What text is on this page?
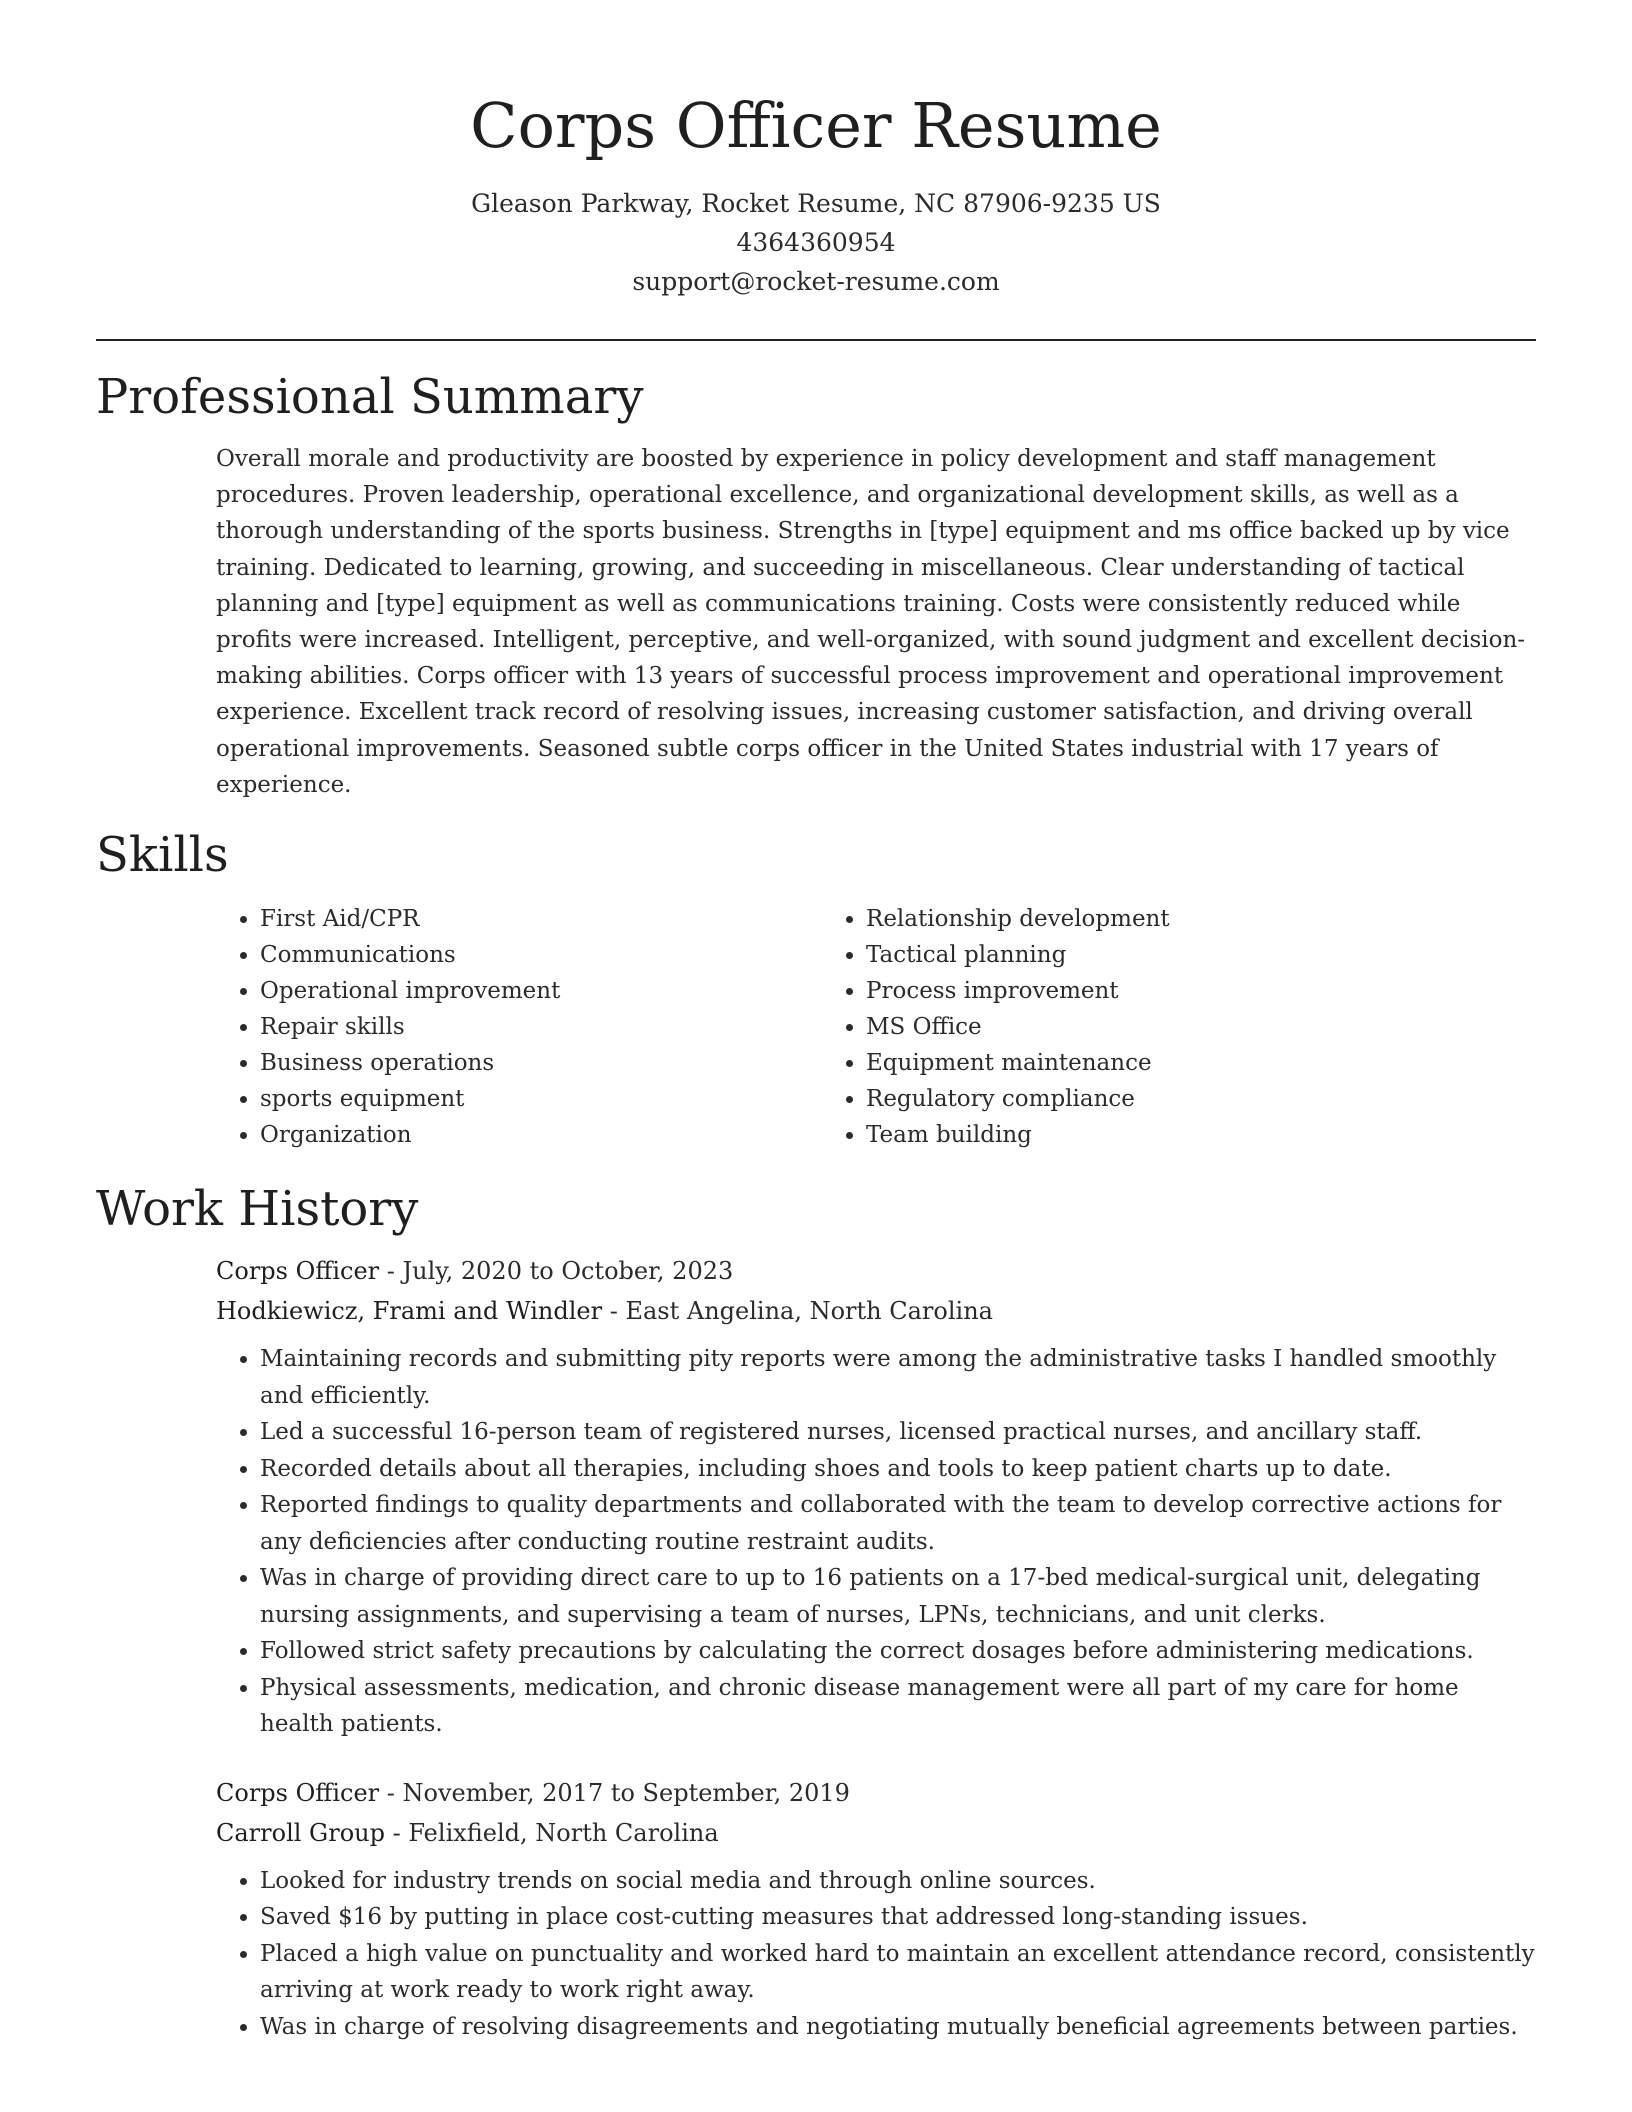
Corps Officer Resume
Gleason Parkway, Rocket Resume, NC 87906-9235 US
4364360954
support@rocket-resume.com
Professional Summary

Overall morale and productivity are boosted by experience in policy development and staff management procedures. Proven leadership, operational excellence, and organizational development skills, as well as a thorough understanding of the sports business. Strengths in [type] equipment and ms office backed up by vice training. Dedicated to learning, growing, and succeeding in miscellaneous. Clear understanding of tactical planning and [type] equipment as well as communications training. Costs were consistently reduced while profits were increased. Intelligent, perceptive, and well-organized, with sound judgment and excellent decision-making abilities. Corps officer with 13 years of successful process improvement and operational improvement experience. Excellent track record of resolving issues, increasing customer satisfaction, and driving overall operational improvements. Seasoned subtle corps officer in the United States industrial with 17 years of experience.

Skills
• First Aid/CPR
• Communications
• Operational improvement
• Repair skills
• Business operations
• sports equipment
• Organization
• Relationship development
• Tactical planning
• Process improvement
• MS Office
• Equipment maintenance
• Regulatory compliance
• Team building
Work History
Corps Officer - July, 2020 to October, 2023
Hodkiewicz, Frami and Windler - East Angelina, North Carolina
• Maintaining records and submitting pity reports were among the administrative tasks I handled smoothly and efficiently.
• Led a successful 16-person team of registered nurses, licensed practical nurses, and ancillary staff.
• Recorded details about all therapies, including shoes and tools to keep patient charts up to date.
• Reported findings to quality departments and collaborated with the team to develop corrective actions for any deficiencies after conducting routine restraint audits.
• Was in charge of providing direct care to up to 16 patients on a 17-bed medical-surgical unit, delegating nursing assignments, and supervising a team of nurses, LPNs, technicians, and unit clerks.
• Followed strict safety precautions by calculating the correct dosages before administering medications.
• Physical assessments, medication, and chronic disease management were all part of my care for home health patients.
Corps Officer - November, 2017 to September, 2019
Carroll Group - Felixfield, North Carolina
• Looked for industry trends on social media and through online sources.
• Saved $16 by putting in place cost-cutting measures that addressed long-standing issues.
• Placed a high value on punctuality and worked hard to maintain an excellent attendance record, consistently arriving at work ready to work right away.
• Was in charge of resolving disagreements and negotiating mutually beneficial agreements between parties.
